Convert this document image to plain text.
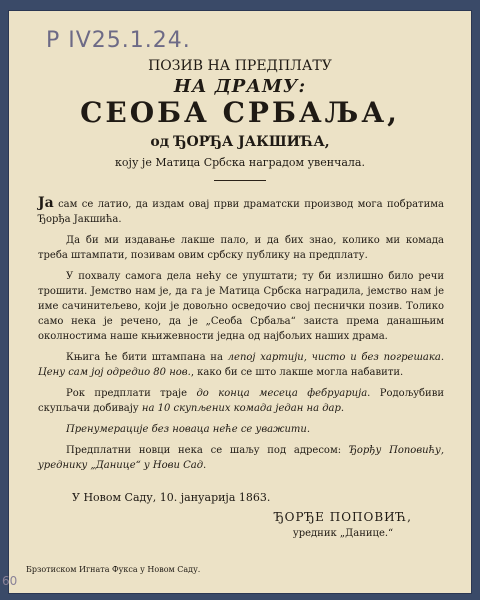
P IV25.1.24.
ПОЗИВ НА ПРЕДПЛАТУ
НА ДРАМУ:
СЕОБА СРБАЉА,
од ЂОРЂА ЈАКШИЋА,
коју је Матица Србска наградом увенчала.

Ја сам се латио, да издам овај први драматски производ мога побратима Ђорђа Јакшића.

Да би ми издавање лакше пало, и да бих знао, колико ми комада треба штампати, позивам овим србску публику на предплату.

У похвалу самога дела нећу се упуштати; ту би излишно било речи трошити. Јемство нам је, да га је Матица Србска наградила, јемство нам је име сачинитељево, који је довољно осведочио свој песнички позив. Толико само нека је речено, да је „Сеоба Србаља“ заиста према данашњим околностима наше књижевности једна од најбољих наших драма.

Књига ће бити штампана на лепој хартији, чисто и без погрешака. Цену сам јој одредио 80 нов., како би се што лакше могла набавити.

Рок предплати траје до конца месеца фебруарија. Родољубиви скупљачи добивају на 10 скупљених комада један на дар.

Пренумерације без новаца неће се уважити.

Предплатни новци нека се шаљу под адресом: Ђорђу Поповићу, уреднику „Данице“ у Нови Сад.

У Новом Саду, 10. јануарија 1863.
ЂОРЂЕ ПОПОВИЋ,
уредник „Данице.“
Брзотиском Игнатa Фукса у Новом Саду.
60
